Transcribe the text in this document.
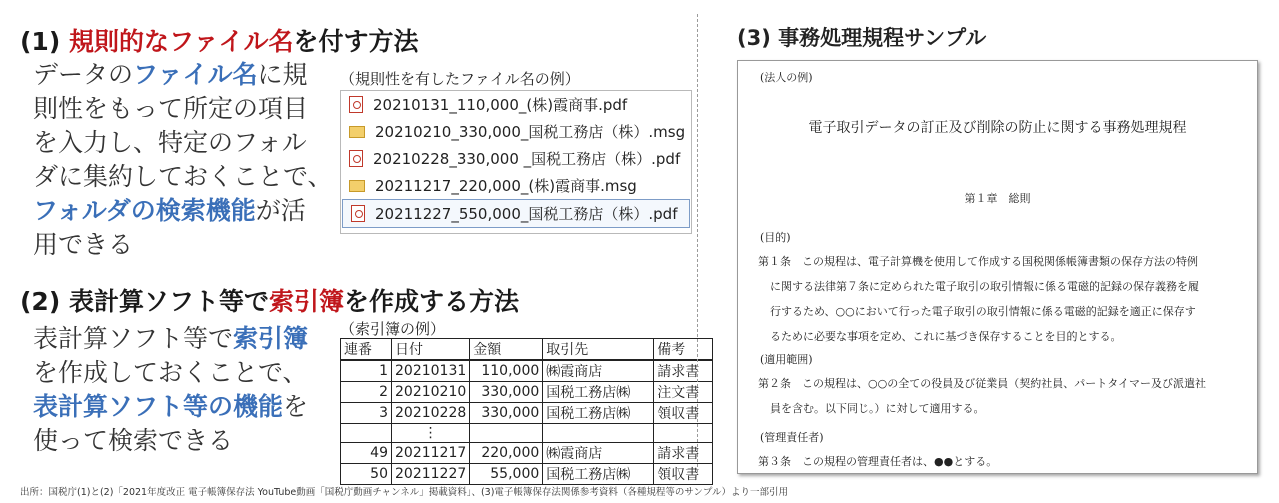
(1) 規則的なファイル名を付す方法
データのファイル名に規
則性をもって所定の項目
を入力し、特定のフォル
ダに集約しておくことで、
フォルダの検索機能が活
用できる
（規則性を有したファイル名の例）
20210131_110,000_(株)霞商事.pdf
20210210_330,000_国税工務店（株）.msg
20210228_330,000 _国税工務店（株）.pdf
20211217_220,000_(株)霞商事.msg
20211227_550,000_国税工務店（株）.pdf
(2) 表計算ソフト等で索引簿を作成する方法
表計算ソフト等で索引簿
を作成しておくことで、
表計算ソフト等の機能を
使って検索できる
（索引簿の例）
連番	日付	金額	取引先	備考
1	20210131	110,000	㈱霞商店	請求書
2	20210210	330,000	国税工務店㈱	注文書
3	20210228	330,000	国税工務店㈱	領収書
	⋮			
49	20211217	220,000	㈱霞商店	請求書
50	20211227	55,000	国税工務店㈱	領収書
(3) 事務処理規程サンプル
(法人の例)
電子取引データの訂正及び削除の防止に関する事務処理規程
第１章　総則
(目的)
第１条　この規程は、電子計算機を使用して作成する国税関係帳簿書類の保存方法の特例
に関する法律第７条に定められた電子取引の取引情報に係る電磁的記録の保存義務を履
行するため、○○において行った電子取引の取引情報に係る電磁的記録を適正に保存す
るために必要な事項を定め、これに基づき保存することを目的とする。
(適用範囲)
第２条　この規程は、○○の全ての役員及び従業員（契約社員、パートタイマー及び派遣社
員を含む。以下同じ。）に対して適用する。
(管理責任者)
第３条　この規程の管理責任者は、●●とする。
出所：国税庁(1)と(2)「2021年度改正 電子帳簿保存法 YouTube動画「国税庁動画チャンネル」掲載資料」、(3)電子帳簿保存法関係参考資料（各種規程等のサンプル）より一部引用
